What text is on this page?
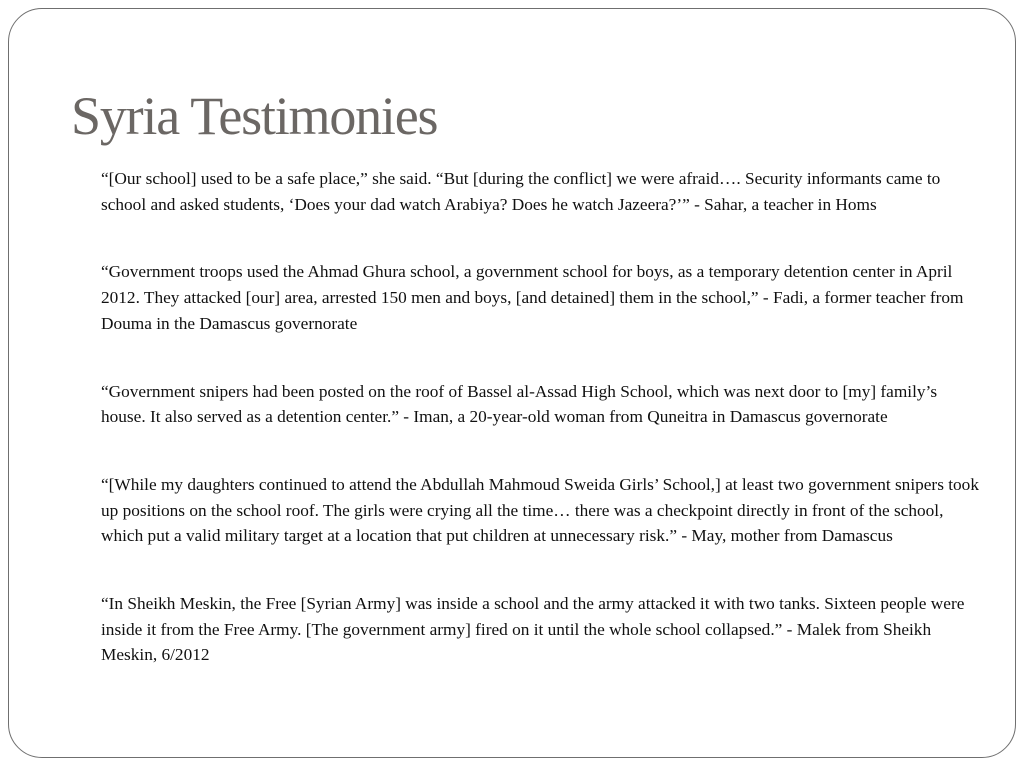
Syria Testimonies
“[Our school] used to be a safe place,” she said. “But [during the conflict] we were afraid…. Security informants came to school and asked students, ‘Does your dad watch Arabiya? Does he watch Jazeera?’” - Sahar, a teacher in Homs
“Government troops used the Ahmad Ghura school, a government school for boys, as a temporary detention center in April 2012. They attacked [our] area, arrested 150 men and boys, [and detained] them in the school,” - Fadi, a former teacher from Douma in the Damascus governorate
“Government snipers had been posted on the roof of Bassel al-Assad High School, which was next door to [my] family’s house. It also served as a detention center.” - Iman, a 20-year-old woman from Quneitra in Damascus governorate
“[While my daughters continued to attend the Abdullah Mahmoud Sweida Girls’ School,] at least two government snipers took up positions on the school roof. The girls were crying all the time… there was a checkpoint directly in front of the school, which put a valid military target at a location that put children at unnecessary risk.” - May, mother from Damascus
“In Sheikh Meskin, the Free [Syrian Army] was inside a school and the army attacked it with two tanks. Sixteen people were inside it from the Free Army. [The government army] fired on it until the whole school collapsed.” - Malek from Sheikh Meskin, 6/2012
